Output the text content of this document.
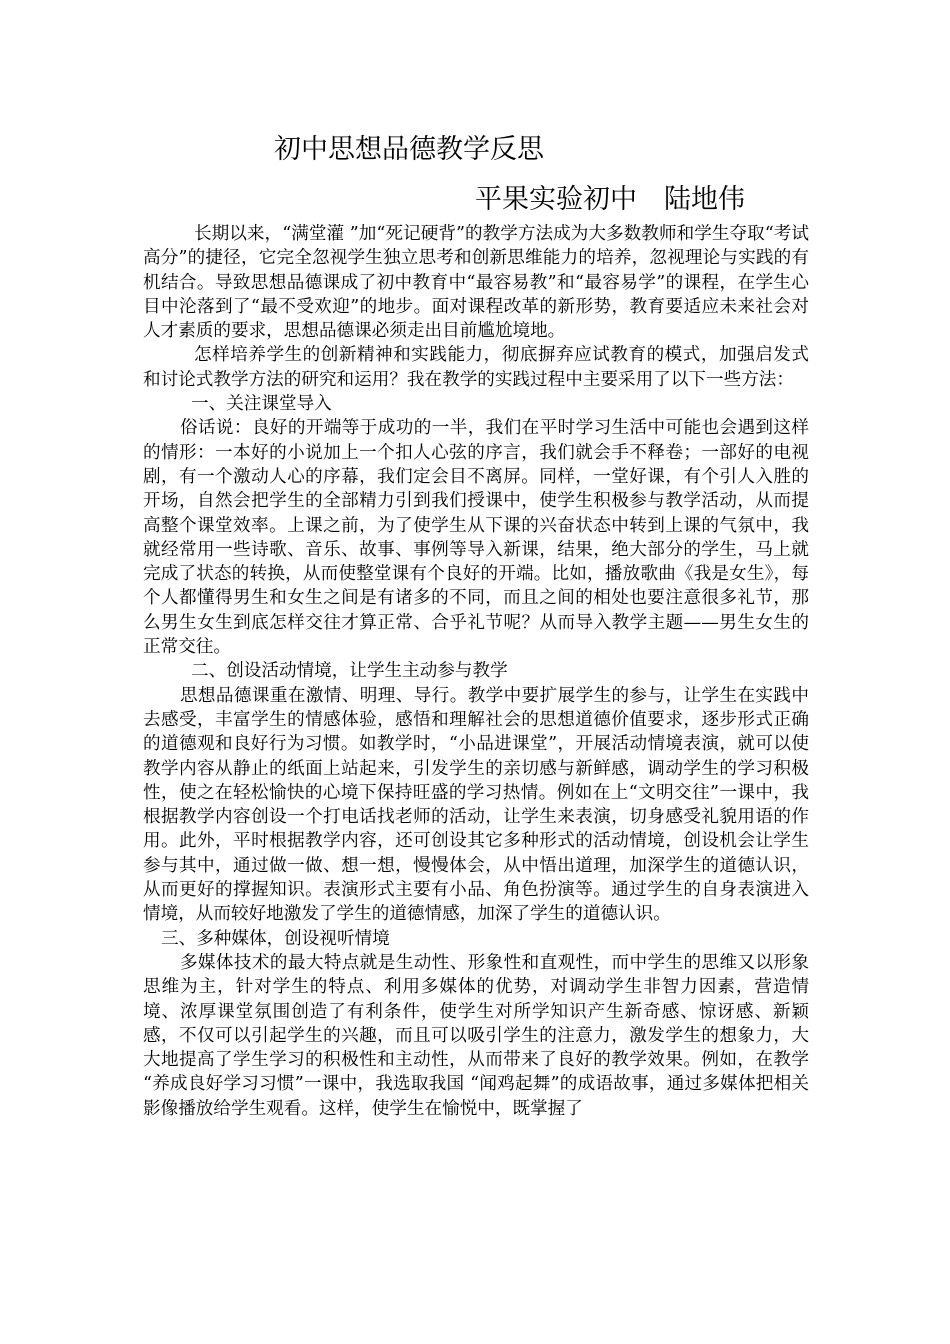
初中思想品德教学反思
平果实验初中　陆地伟

长期以来，“满堂灌 ”加“死记硬背”的教学方法成为大多数教师和学生夺取“考试高分”的捷径，它完全忽视学生独立思考和创新思维能力的培养，忽视理论与实践的有机结合。导致思想品德课成了初中教育中“最容易教”和“最容易学”的课程，在学生心目中沦落到了“最不受欢迎”的地步。面对课程改革的新形势，教育要适应未来社会对人才素质的要求，思想品德课必须走出目前尴尬境地。

怎样培养学生的创新精神和实践能力，彻底摒弃应试教育的模式，加强启发式和讨论式教学方法的研究和运用？我在教学的实践过程中主要采用了以下一些方法：

一、关注课堂导入

俗话说：良好的开端等于成功的一半，我们在平时学习生活中可能也会遇到这样的情形：一本好的小说加上一个扣人心弦的序言，我们就会手不释卷；一部好的电视剧，有一个激动人心的序幕，我们定会目不离屏。同样，一堂好课，有个引人入胜的开场，自然会把学生的全部精力引到我们授课中，使学生积极参与教学活动，从而提高整个课堂效率。上课之前，为了使学生从下课的兴奋状态中转到上课的气氛中，我就经常用一些诗歌、音乐、故事、事例等导入新课，结果，绝大部分的学生，马上就完成了状态的转换，从而使整堂课有个良好的开端。比如，播放歌曲《我是女生》，每个人都懂得男生和女生之间是有诸多的不同，而且之间的相处也要注意很多礼节，那么男生女生到底怎样交往才算正常、合乎礼节呢？从而导入教学主题——男生女生的正常交往。

二、创设活动情境，让学生主动参与教学

思想品德课重在激情、明理、导行。教学中要扩展学生的参与，让学生在实践中去感受，丰富学生的情感体验，感悟和理解社会的思想道德价值要求，逐步形式正确的道德观和良好行为习惯。如教学时，“小品进课堂”，开展活动情境表演，就可以使教学内容从静止的纸面上站起来，引发学生的亲切感与新鲜感，调动学生的学习积极性，使之在轻松愉快的心境下保持旺盛的学习热情。例如在上“文明交往”一课中，我根据教学内容创设一个打电话找老师的活动，让学生来表演，切身感受礼貌用语的作用。此外，平时根据教学内容，还可创设其它多种形式的活动情境，创设机会让学生参与其中，通过做一做、想一想，慢慢体会，从中悟出道理，加深学生的道德认识，从而更好的撑握知识。表演形式主要有小品、角色扮演等。通过学生的自身表演进入情境，从而较好地激发了学生的道德情感，加深了学生的道德认识。

三、多种媒体，创设视听情境

多媒体技术的最大特点就是生动性、形象性和直观性，而中学生的思维又以形象思维为主，针对学生的特点、利用多媒体的优势，对调动学生非智力因素，营造情境、浓厚课堂氛围创造了有利条件，使学生对所学知识产生新奇感、惊讶感、新颖感，不仅可以引起学生的兴趣，而且可以吸引学生的注意力，激发学生的想象力，大大地提高了学生学习的积极性和主动性，从而带来了良好的教学效果。例如，在教学 “养成良好学习习惯”一课中，我选取我国 “闻鸡起舞”的成语故事，通过多媒体把相关影像播放给学生观看。这样，使学生在愉悦中，既掌握了
